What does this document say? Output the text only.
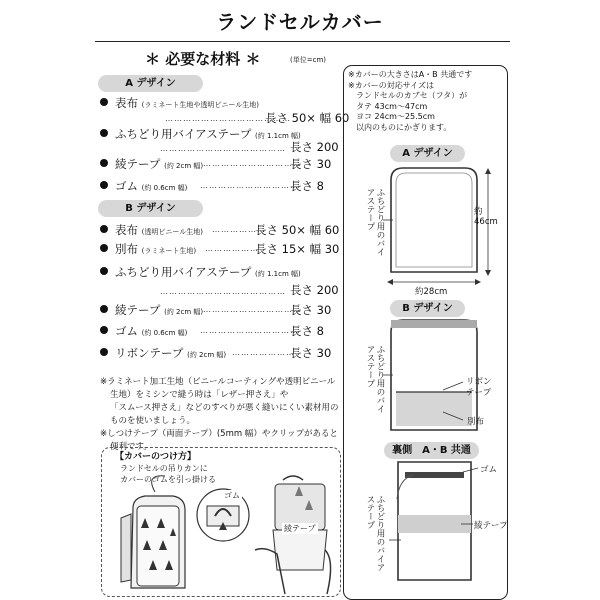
ランドセルカバー
＊ 必要な材料 ＊	(単位=cm)
A デザイン
表布 (ラミネート生地や透明ビニール生地)
……………………………………
長さ 50× 幅 60
ふちどり用バイアステープ (約 1.1cm 幅)
…………………………………… 長さ 200
綾テープ (約 2cm 幅) ……………………………
長さ 30
ゴム (約 0.6cm 幅) ……………………………
長さ 8
B デザイン
表布 (透明ビニール生地) ………………
長さ 50× 幅 60
別布 (ラミネート生地) ………………
長さ 15× 幅 30
ふちどり用バイアステープ (約 1.1cm 幅)
…………………………………… 長さ 200
綾テープ (約 2cm 幅) ……………………………
長さ 30
ゴム (約 0.6cm 幅) ……………………………
長さ 8
リボンテープ (約 2cm 幅) …………………
長さ 30
※ラミネート加工生地（ビニールコーティングや透明ビニール
生地）をミシンで縫う時は「レザー押さえ」や
「スムース押さえ」などのすべりが悪く縫いにくい素材用の
ものを使いましょう。
※しつけテープ（両面テープ）(5mm 幅）やクリップがあると
便利です。
【カバーのつけ方】
ランドセルの吊りカンに
カバーのゴムを引っ掛ける
ゴム
綾テープ
※カバーの大きさはA・B 共通です
※カバーの対応サイズは
ランドセルのカブセ（フタ）が
タテ 43cm〜47cm
ヨコ 24cm〜25.5cm
以内のものにかぎります。
A デザイン
B デザイン
裏側　A・B 共通
約46cm
約28cm
ふちどり用のバイアステープ
ふちどり用のバイアステープ
ふちどり用のバイアステープ
リボンテープ
別布
ゴム
綾テープ
